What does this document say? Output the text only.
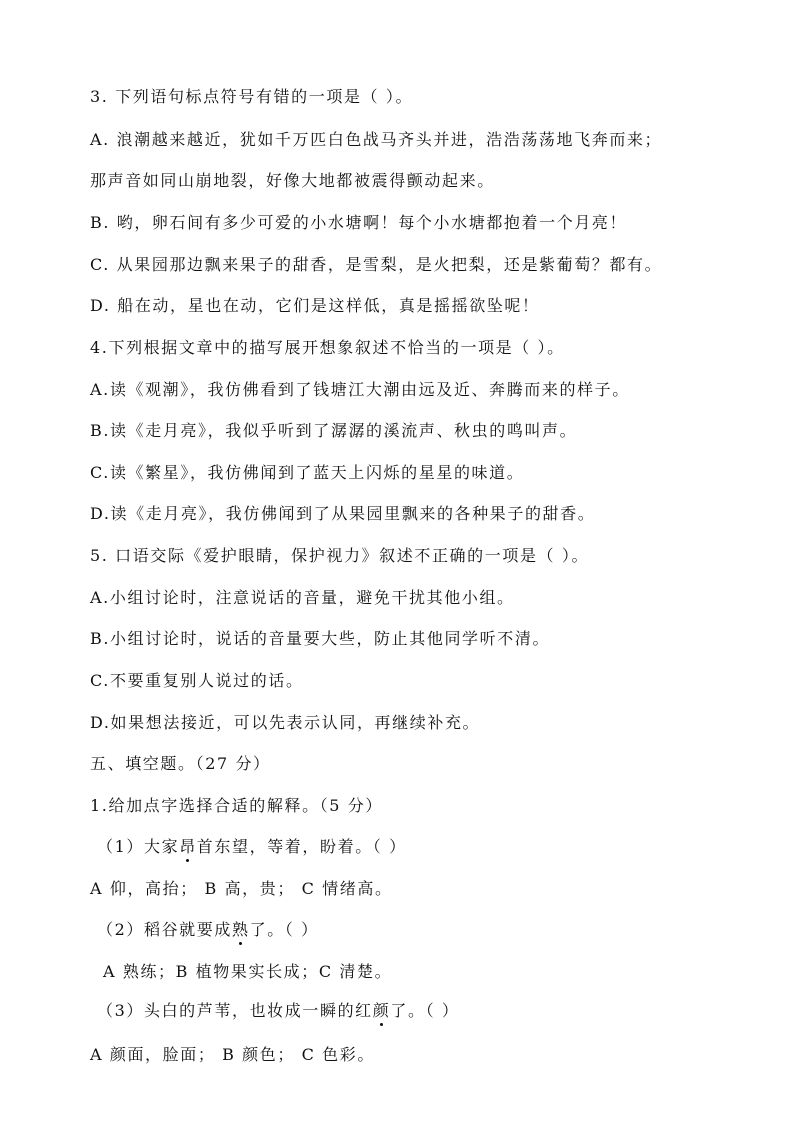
3. 下列语句标点符号有错的一项是（ ）。
A. 浪潮越来越近，犹如千万匹白色战马齐头并进，浩浩荡荡地飞奔而来；
那声音如同山崩地裂，好像大地都被震得颤动起来。
B. 哟，卵石间有多少可爱的小水塘啊！每个小水塘都抱着一个月亮！
C. 从果园那边飘来果子的甜香，是雪梨，是火把梨，还是紫葡萄？都有。
D. 船在动，星也在动，它们是这样低，真是摇摇欲坠呢！
4.下列根据文章中的描写展开想象叙述不恰当的一项是（ ）。
A.读《观潮》，我仿佛看到了钱塘江大潮由远及近、奔腾而来的样子。
B.读《走月亮》，我似乎听到了潺潺的溪流声、秋虫的鸣叫声。
C.读《繁星》，我仿佛闻到了蓝天上闪烁的星星的味道。
D.读《走月亮》，我仿佛闻到了从果园里飘来的各种果子的甜香。
5. 口语交际《爱护眼睛，保护视力》叙述不正确的一项是（ ）。
A.小组讨论时，注意说话的音量，避免干扰其他小组。
B.小组讨论时，说话的音量要大些，防止其他同学听不清。
C.不要重复别人说过的话。
D.如果想法接近，可以先表示认同，再继续补充。
五、填空题。（27 分）
1.给加点字选择合适的解释。（5 分）
（1）大家昂首东望，等着，盼着。（ ）
A 仰，高抬； B 高，贵； C 情绪高。
（2）稻谷就要成熟了。（ ）
A 熟练；B 植物果实长成；C 清楚。
（3）头白的芦苇，也妆成一瞬的红颜了。（ ）
A 颜面，脸面； B 颜色； C 色彩。
